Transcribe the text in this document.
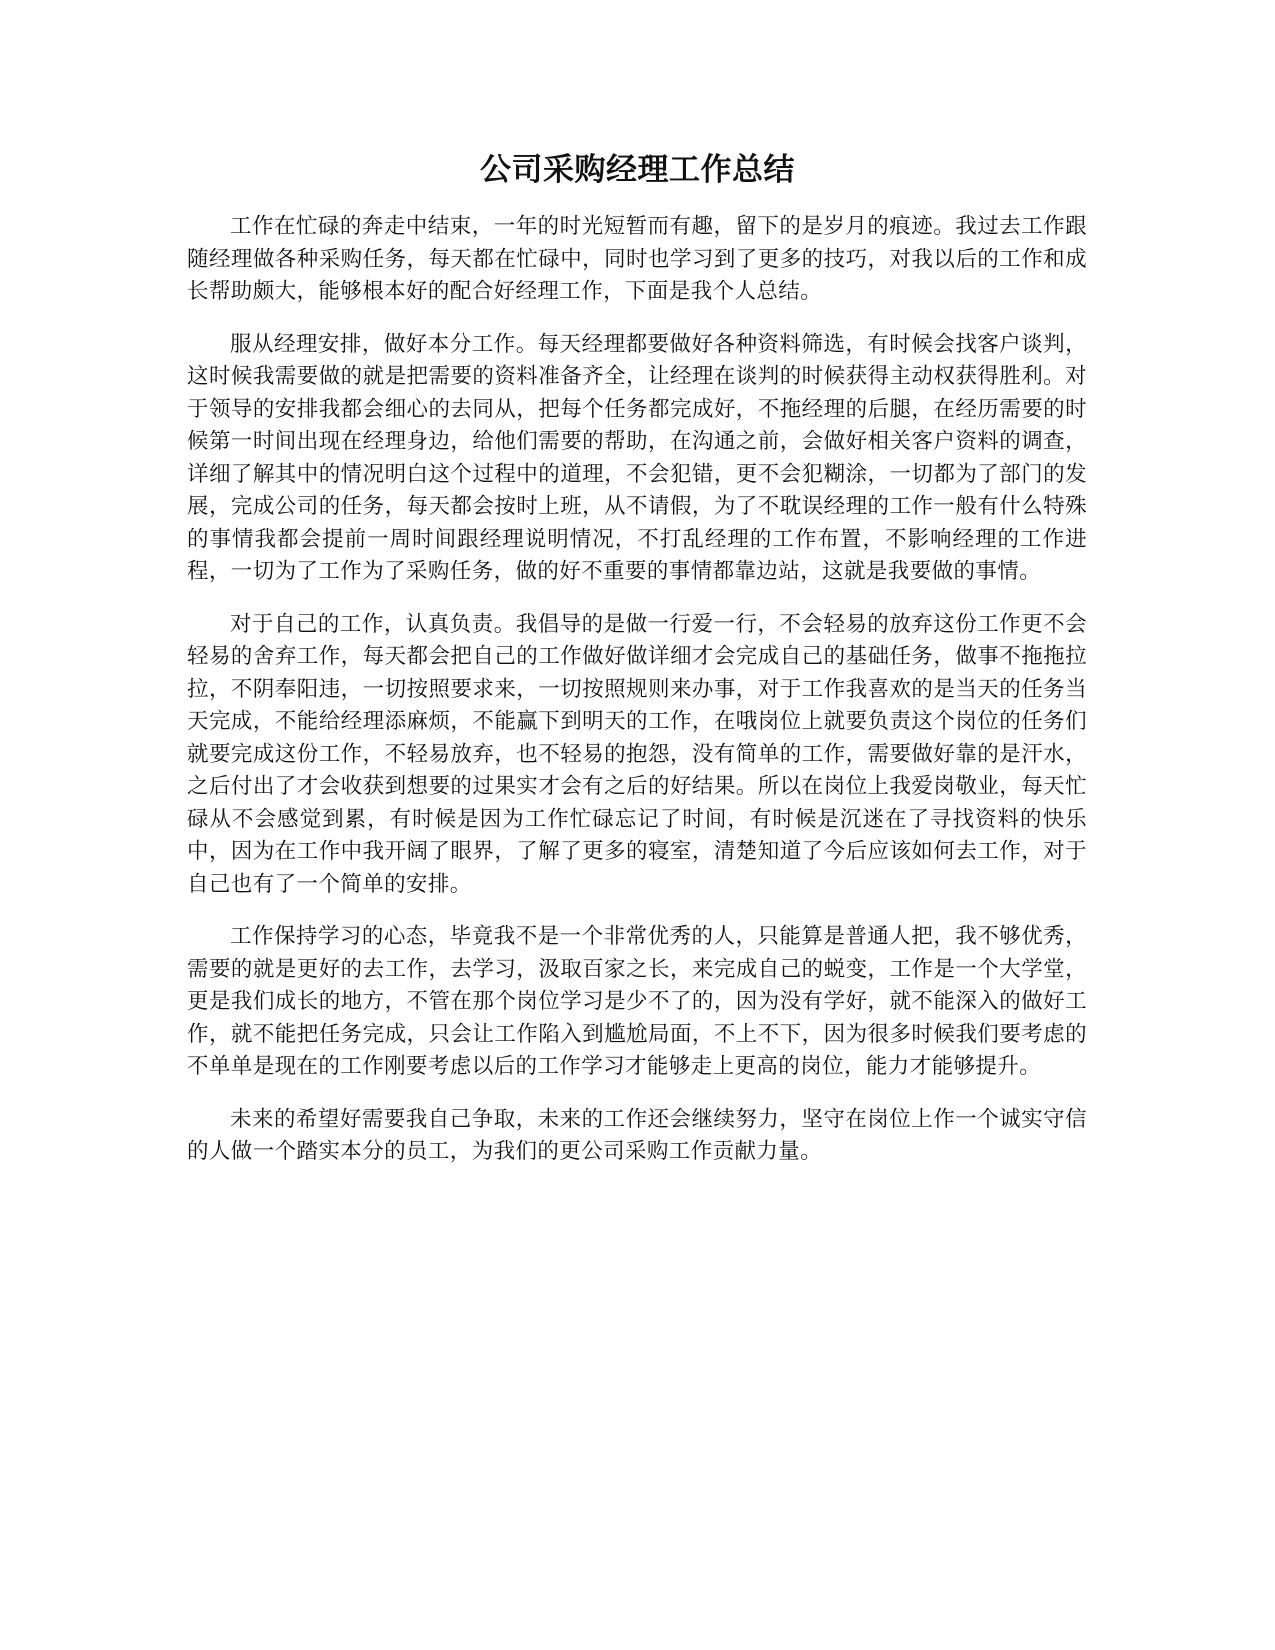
公司采购经理工作总结

工作在忙碌的奔走中结束，一年的时光短暂而有趣，留下的是岁月的痕迹。我过去工作跟随经理做各种采购任务，每天都在忙碌中，同时也学习到了更多的技巧，对我以后的工作和成长帮助颇大，能够根本好的配合好经理工作，下面是我个人总结。

服从经理安排，做好本分工作。每天经理都要做好各种资料筛选，有时候会找客户谈判，这时候我需要做的就是把需要的资料准备齐全，让经理在谈判的时候获得主动权获得胜利。对于领导的安排我都会细心的去同从，把每个任务都完成好，不拖经理的后腿，在经历需要的时候第一时间出现在经理身边，给他们需要的帮助，在沟通之前，会做好相关客户资料的调查，详细了解其中的情况明白这个过程中的道理，不会犯错，更不会犯糊涂，一切都为了部门的发展，完成公司的任务，每天都会按时上班，从不请假，为了不耽误经理的工作一般有什么特殊的事情我都会提前一周时间跟经理说明情况，不打乱经理的工作布置，不影响经理的工作进程，一切为了工作为了采购任务，做的好不重要的事情都靠边站，这就是我要做的事情。

对于自己的工作，认真负责。我倡导的是做一行爱一行，不会轻易的放弃这份工作更不会轻易的舍弃工作，每天都会把自己的工作做好做详细才会完成自己的基础任务，做事不拖拖拉拉，不阴奉阳违，一切按照要求来，一切按照规则来办事，对于工作我喜欢的是当天的任务当天完成，不能给经理添麻烦，不能赢下到明天的工作，在哦岗位上就要负责这个岗位的任务们就要完成这份工作，不轻易放弃，也不轻易的抱怨，没有简单的工作，需要做好靠的是汗水，之后付出了才会收获到想要的过果实才会有之后的好结果。所以在岗位上我爱岗敬业，每天忙碌从不会感觉到累，有时候是因为工作忙碌忘记了时间，有时候是沉迷在了寻找资料的快乐中，因为在工作中我开阔了眼界，了解了更多的寝室，清楚知道了今后应该如何去工作，对于自己也有了一个简单的安排。

工作保持学习的心态，毕竟我不是一个非常优秀的人，只能算是普通人把，我不够优秀，需要的就是更好的去工作，去学习，汲取百家之长，来完成自己的蜕变，工作是一个大学堂，更是我们成长的地方，不管在那个岗位学习是少不了的，因为没有学好，就不能深入的做好工作，就不能把任务完成，只会让工作陷入到尴尬局面，不上不下，因为很多时候我们要考虑的不单单是现在的工作刚要考虑以后的工作学习才能够走上更高的岗位，能力才能够提升。

未来的希望好需要我自己争取，未来的工作还会继续努力，坚守在岗位上作一个诚实守信的人做一个踏实本分的员工，为我们的更公司采购工作贡献力量。
